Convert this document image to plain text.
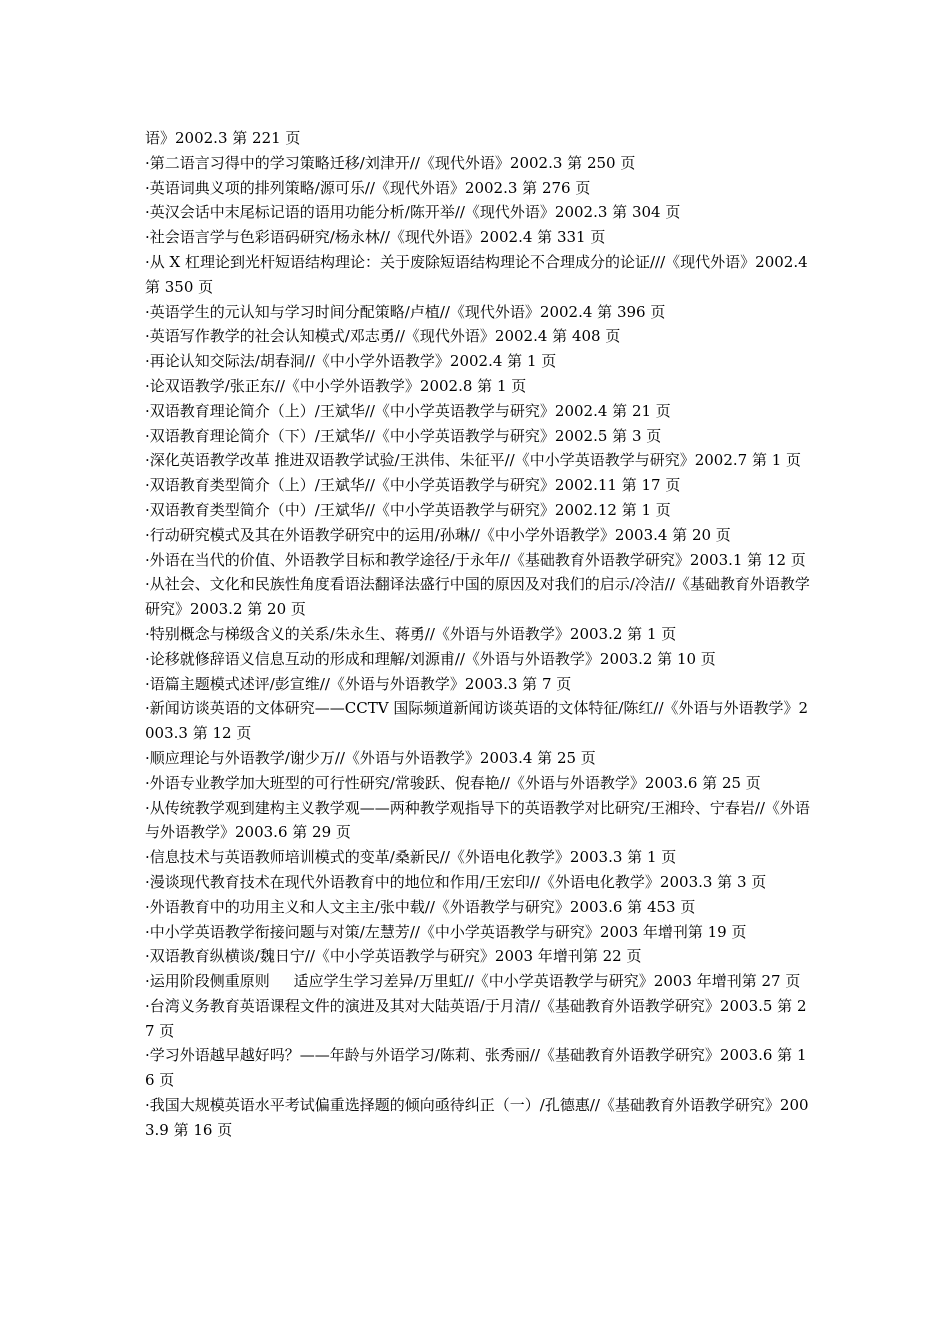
语》2002.3 第 221 页

·第二语言习得中的学习策略迁移/刘津开//《现代外语》2002.3 第 250 页

·英语词典义项的排列策略/源可乐//《现代外语》2002.3 第 276 页

·英汉会话中末尾标记语的语用功能分析/陈开举//《现代外语》2002.3 第 304 页

·社会语言学与色彩语码研究/杨永林//《现代外语》2002.4 第 331 页

·从 X 杠理论到光杆短语结构理论：关于废除短语结构理论不合理成分的论证///《现代外语》2002.4 第 350 页

·英语学生的元认知与学习时间分配策略/卢植//《现代外语》2002.4 第 396 页

·英语写作教学的社会认知模式/邓志勇//《现代外语》2002.4 第 408 页

·再论认知交际法/胡春洞//《中小学外语教学》2002.4 第 1 页

·论双语教学/张正东//《中小学外语教学》2002.8 第 1 页

·双语教育理论简介（上）/王斌华//《中小学英语教学与研究》2002.4 第 21 页

·双语教育理论简介（下）/王斌华//《中小学英语教学与研究》2002.5 第 3 页

·深化英语教学改革 推进双语教学试验/王洪伟、朱征平//《中小学英语教学与研究》2002.7 第 1 页

·双语教育类型简介（上）/王斌华//《中小学英语教学与研究》2002.11 第 17 页

·双语教育类型简介（中）/王斌华//《中小学英语教学与研究》2002.12 第 1 页

·行动研究模式及其在外语教学研究中的运用/孙琳//《中小学外语教学》2003.4 第 20 页

·外语在当代的价值、外语教学目标和教学途径/于永年//《基础教育外语教学研究》2003.1 第 12 页

·从社会、文化和民族性角度看语法翻译法盛行中国的原因及对我们的启示/冷洁//《基础教育外语教学研究》2003.2 第 20 页

·特别概念与梯级含义的关系/朱永生、蒋勇//《外语与外语教学》2003.2 第 1 页

·论移就修辞语义信息互动的形成和理解/刘源甫//《外语与外语教学》2003.2 第 10 页

·语篇主题模式述评/彭宣维//《外语与外语教学》2003.3 第 7 页

·新闻访谈英语的文体研究——CCTV 国际频道新闻访谈英语的文体特征/陈红//《外语与外语教学》2003.3 第 12 页

·顺应理论与外语教学/谢少万//《外语与外语教学》2003.4 第 25 页

·外语专业教学加大班型的可行性研究/常骏跃、倪春艳//《外语与外语教学》2003.6 第 25 页

·从传统教学观到建构主义教学观——两种教学观指导下的英语教学对比研究/王湘玲、宁春岩//《外语与外语教学》2003.6 第 29 页

·信息技术与英语教师培训模式的变革/桑新民//《外语电化教学》2003.3 第 1 页

·漫谈现代教育技术在现代外语教育中的地位和作用/王宏印//《外语电化教学》2003.3 第 3 页

·外语教育中的功用主义和人文主主/张中载//《外语教学与研究》2003.6 第 453 页

·中小学英语教学衔接问题与对策/左慧芳//《中小学英语教学与研究》2003 年增刊第 19 页

·双语教育纵横谈/魏日宁//《中小学英语教学与研究》2003 年增刊第 22 页

·运用阶段侧重原则     适应学生学习差异/万里虹//《中小学英语教学与研究》2003 年增刊第 27 页

·台湾义务教育英语课程文件的演进及其对大陆英语/于月清//《基础教育外语教学研究》2003.5 第 27 页

·学习外语越早越好吗？——年龄与外语学习/陈莉、张秀丽//《基础教育外语教学研究》2003.6 第 16 页

·我国大规模英语水平考试偏重选择题的倾向亟待纠正（一）/孔德惠//《基础教育外语教学研究》2003.9 第 16 页
